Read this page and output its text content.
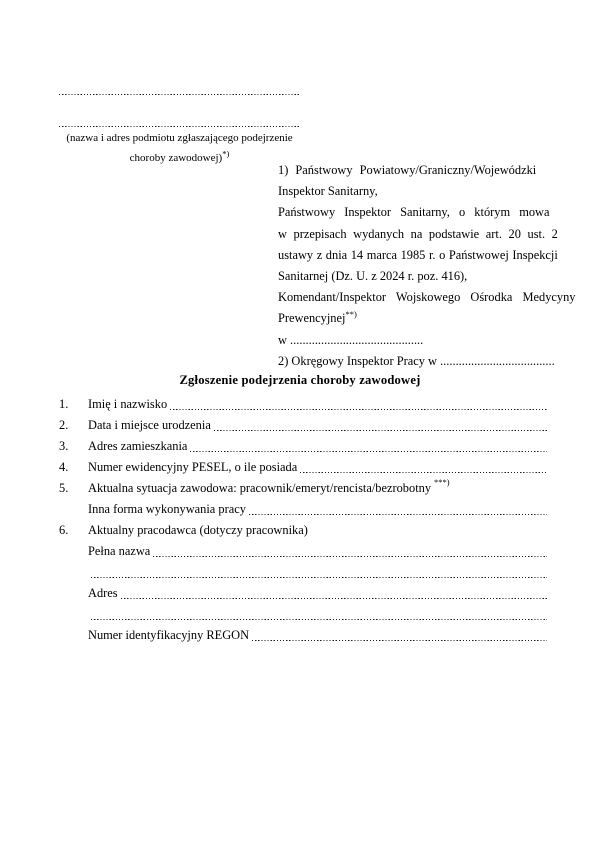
(nazwa i adres podmiotu zgłaszającego podejrzenie
choroby zawodowej)*)
1) Państwowy Powiatowy/Graniczny/Wojewódzki
Inspektor Sanitarny,
Państwowy Inspektor Sanitarny, o którym mowa
w przepisach wydanych na podstawie art. 20 ust. 2
ustawy z dnia 14 marca 1985 r. o Państwowej Inspekcji
Sanitarnej (Dz. U. z 2024 r. poz. 416),
Komendant/Inspektor Wojskowego Ośrodka Medycyny
Prewencyjnej**)
w ...........................................
2) Okręgowy Inspektor Pracy w .....................................
Zgłoszenie podejrzenia choroby zawodowej
1.	Imię i nazwisko
2.	Data i miejsce urodzenia
3.	Adres zamieszkania
4.	Numer ewidencyjny PESEL, o ile posiada
5.	Aktualna sytuacja zawodowa: pracownik/emeryt/rencista/bezrobotny ***)
Inna forma wykonywania pracy
6.	Aktualny pracodawca (dotyczy pracownika)
Pełna nazwa
Adres
Numer identyfikacyjny REGON
